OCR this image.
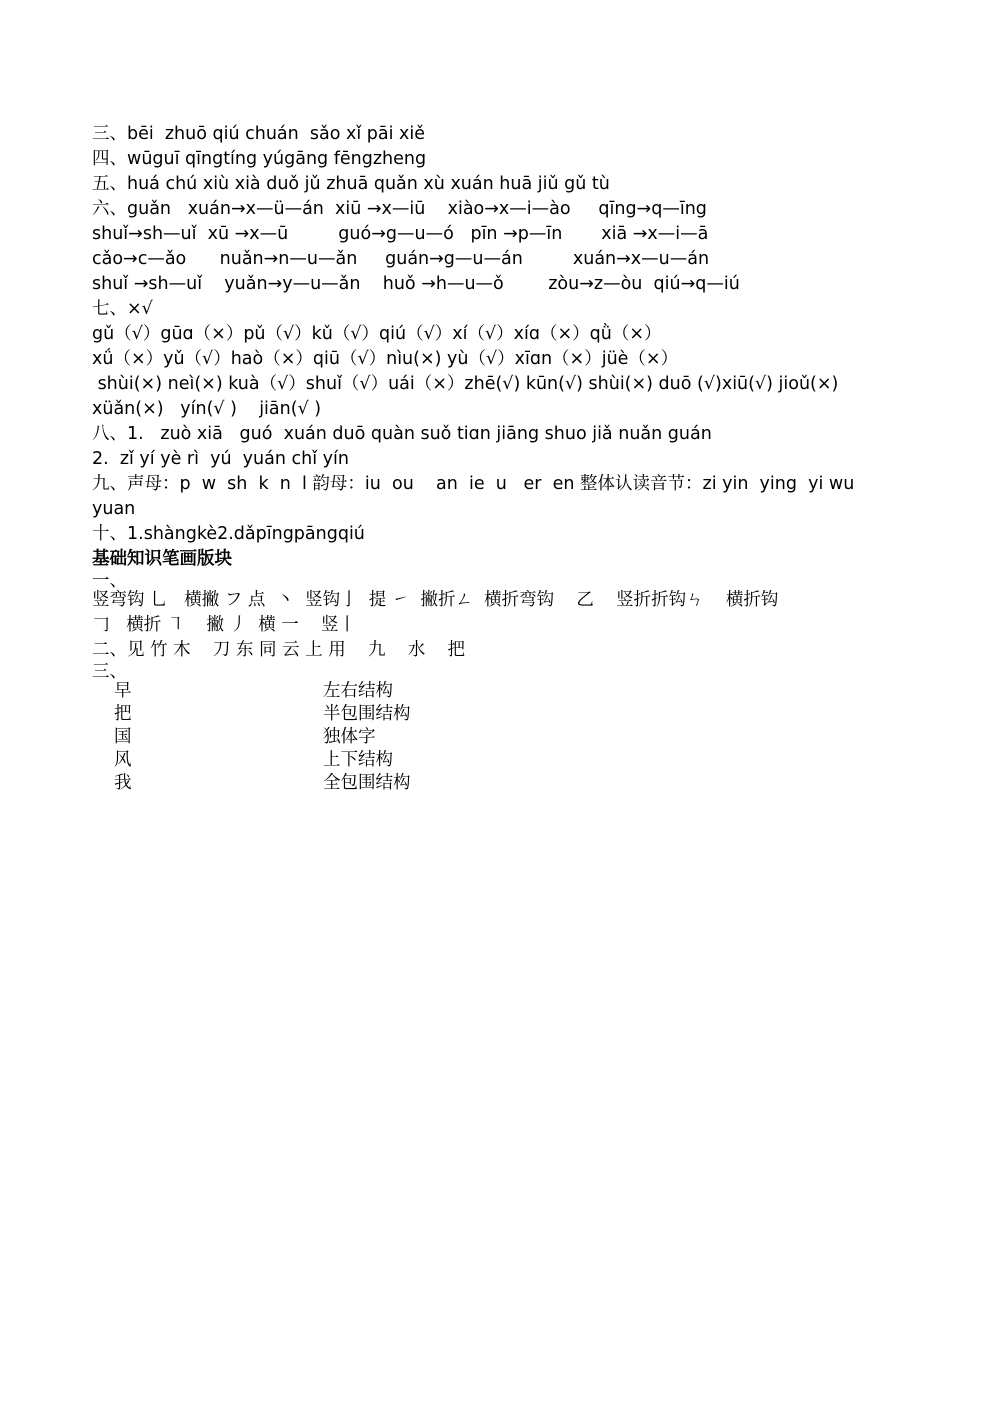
三、bēi  zhuō qiú chuán  sǎo xǐ pāi xiě
四、wūguī qīngtíng yúgāng fēngzheng
五、huá chú xiù xià duǒ jǔ zhuā quǎn xù xuán huā jiǔ gǔ tù
六、guǎn   xuán→x—ü—án  xiū →x—iū    xiào→x—i—ào     qīng→q—īng
shuǐ→sh—uǐ  xū →x—ū         guó→g—u—ó   pīn →p—īn       xiā →x—i—ā
cǎo→c—ǎo      nuǎn→n—u—ǎn     guán→g—u—án         xuán→x—u—án
shuǐ →sh—uǐ    yuǎn→y—u—ǎn    huǒ →h—u—ǒ        zòu→z—òu  qiú→q—iú
七、×√
gǔ（√）gūɑ（×）pǔ（√）kǔ（√）qiú（√）xí（√）xíɑ（×）qǜ（×）
xǘ（×）yǔ（√）haò（×）qiū（√）nìu(×) yù（√）xīɑn（×）jüè（×）
shùi(×) neì(×) kuà（√）shuǐ（√）uái（×）zhē(√) kūn(√) shùi(×) duō (√)xiū(√) jioǔ(×)
xüǎn(×)   yín(√ )    jiān(√ )
八、1.   zuò xiā   guó  xuán duō quàn suǒ tiɑn jiāng shuo jiǎ nuǎn guán
2.  zǐ yí yè rì  yú  yuán chǐ yín
九、声母：p  w  sh  k  n  l 韵母：iu  ou    an  ie  u   er  en 整体认读音节：zi yin  ying  yi wu yuan
十、1.shàngkè2.dǎpīngpāngqiú
基础知识笔画版块
一、
竖弯钩 乚   横撇 フ 点  丶  竖钩亅  提 ㇀  撇折ㄥ  横折弯钩    乙    竖折折钩ㄣ    横折钩
𠃌   横折 ㇕    撇 丿  横 一    竖丨
二、见 竹 木    刀 东 同 云 上 用    九    水    把
三、
早	左右结构
把	半包围结构
国	独体字
风	上下结构
我	全包围结构
